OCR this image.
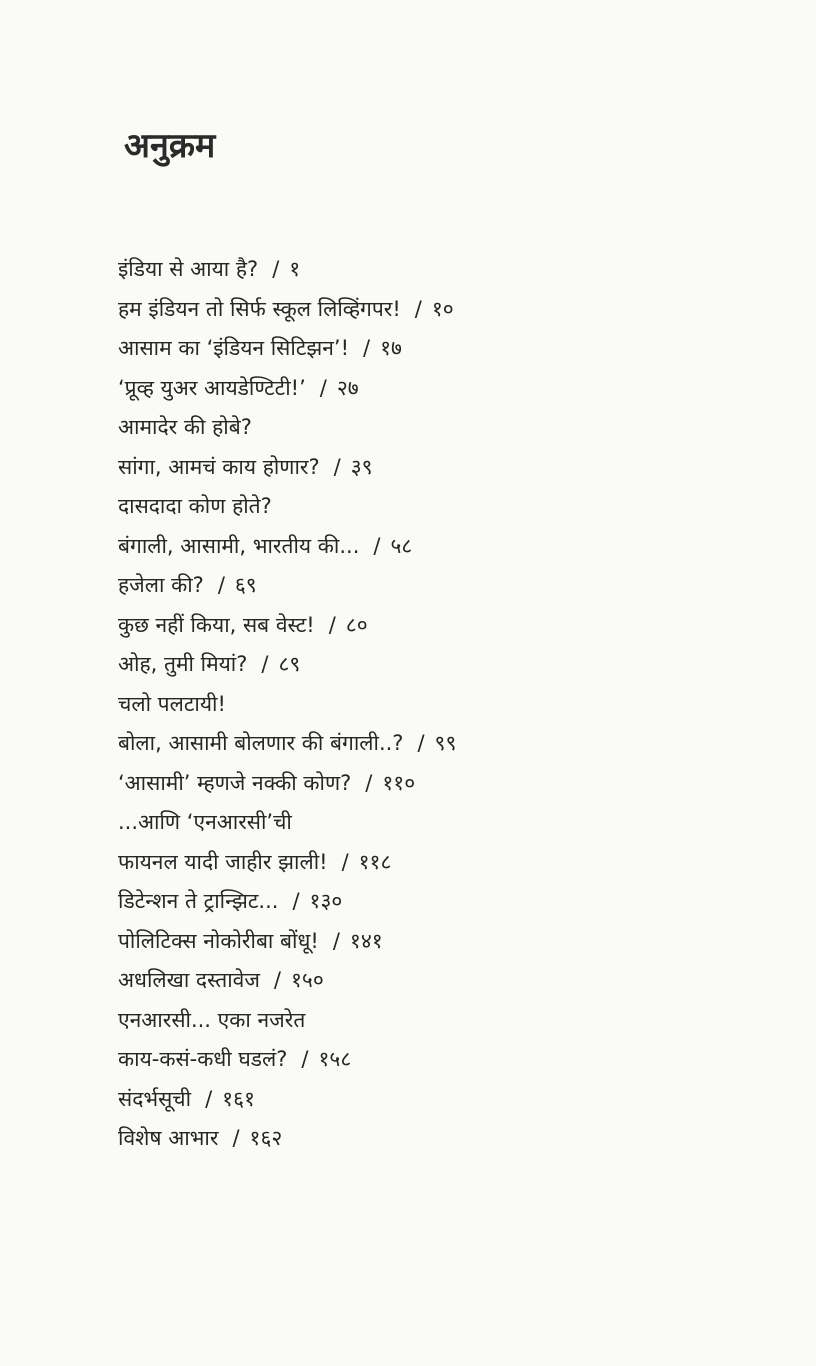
अनुक्रम
इंडिया से आया है? / १
हम इंडियन तो सिर्फ स्कूल लिव्हिंगपर! / १०
आसाम का ‘इंडियन सिटिझन’! / १७
‘प्रूव्ह युअर आयडेण्टिटी!’ / २७
आमादेर की होबे?
सांगा, आमचं काय होणार? / ३९
दासदादा कोण होते?
बंगाली, आसामी, भारतीय की... / ५८
हजेला की? / ६९
कुछ नहीं किया, सब वेस्ट! / ८०
ओह, तुमी मियां? / ८९
चलो पलटायी!
बोला, आसामी बोलणार की बंगाली..? / ९९
‘आसामी’ म्हणजे नक्की कोण? / ११०
...आणि ‘एनआरसी’ची
फायनल यादी जाहीर झाली! / ११८
डिटेन्शन ते ट्रान्झिट... / १३०
पोलिटिक्स नोकोरीबा बोंधू! / १४१
अधलिखा दस्तावेज / १५०
एनआरसी... एका नजरेत
काय-कसं-कधी घडलं? / १५८
संदर्भसूची / १६१
विशेष आभार / १६२
